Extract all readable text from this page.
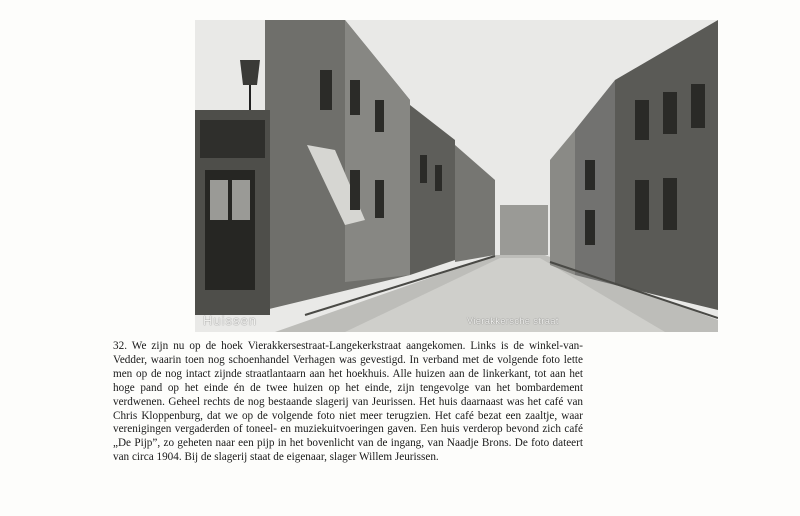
Huissen	Vierakkersche straat

32. We zijn nu op de hoek Vierakkersestraat-Langekerkstraat aangekomen. Links is de winkel-van-Vedder, waarin toen nog schoenhandel Verhagen was gevestigd. In verband met de volgende foto lette men op de nog intact zijnde straatlantaarn aan het hoekhuis. Alle huizen aan de linkerkant, tot aan het hoge pand op het einde én de twee huizen op het einde, zijn tengevolge van het bombardement verdwenen. Geheel rechts de nog bestaande slagerij van Jeurissen. Het huis daarnaast was het café van Chris Kloppenburg, dat we op de volgende foto niet meer terugzien. Het café bezat een zaaltje, waar verenigingen vergaderden of toneel- en muziekuitvoeringen gaven. Een huis verderop bevond zich café „De Pijp”, zo geheten naar een pijp in het bovenlicht van de ingang, van Naadje Brons. De foto dateert van circa 1904. Bij de slagerij staat de eigenaar, slager Willem Jeurissen.
